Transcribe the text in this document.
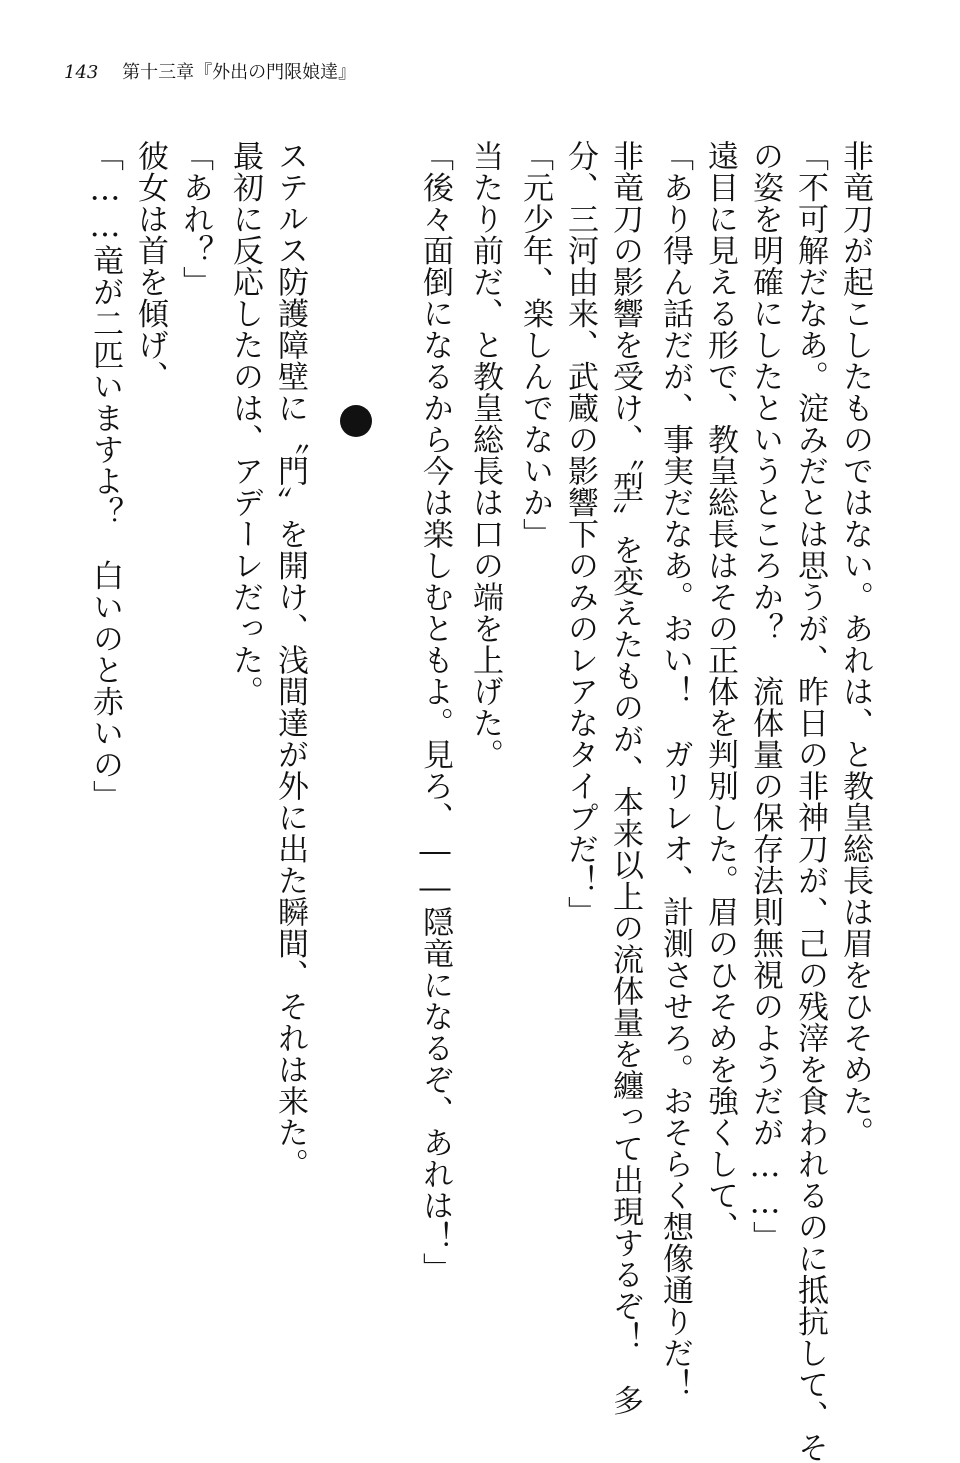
143 第十三章『外出の門限娘達』
非竜刀が起こしたものではない。あれは、と教皇総長は眉をひそめた。
「不可解だなあ。淀みだとは思うが、昨日の非神刀が、己の残滓を食われるのに抵抗して、そ
の姿を明確にしたというところか？　流体量の保存法則無視のようだが……」
遠目に見える形で、教皇総長はその正体を判別した。眉のひそめを強くして、
「あり得ん話だが、事実だなあ。おい！　ガリレオ、計測させろ。おそらく想像通りだ！
非竜刀の影響を受け、〝型〟を変えたものが、本来以上の流体量を纏って出現するぞ！　多
分、三河由来、武蔵の影響下のみのレアなタイプだ！」
「元少年、楽しんでないか」
当たり前だ、と教皇総長は口の端を上げた。
「後々面倒になるから今は楽しむともよ。見ろ、――隠竜になるぞ、あれは！」
ステルス防護障壁に〝門〟を開け、浅間達が外に出た瞬間、それは来た。
最初に反応したのは、アデーレだった。
「あれ？」
彼女は首を傾げ、
「……竜が二匹いますよ？　白いのと赤いの」
